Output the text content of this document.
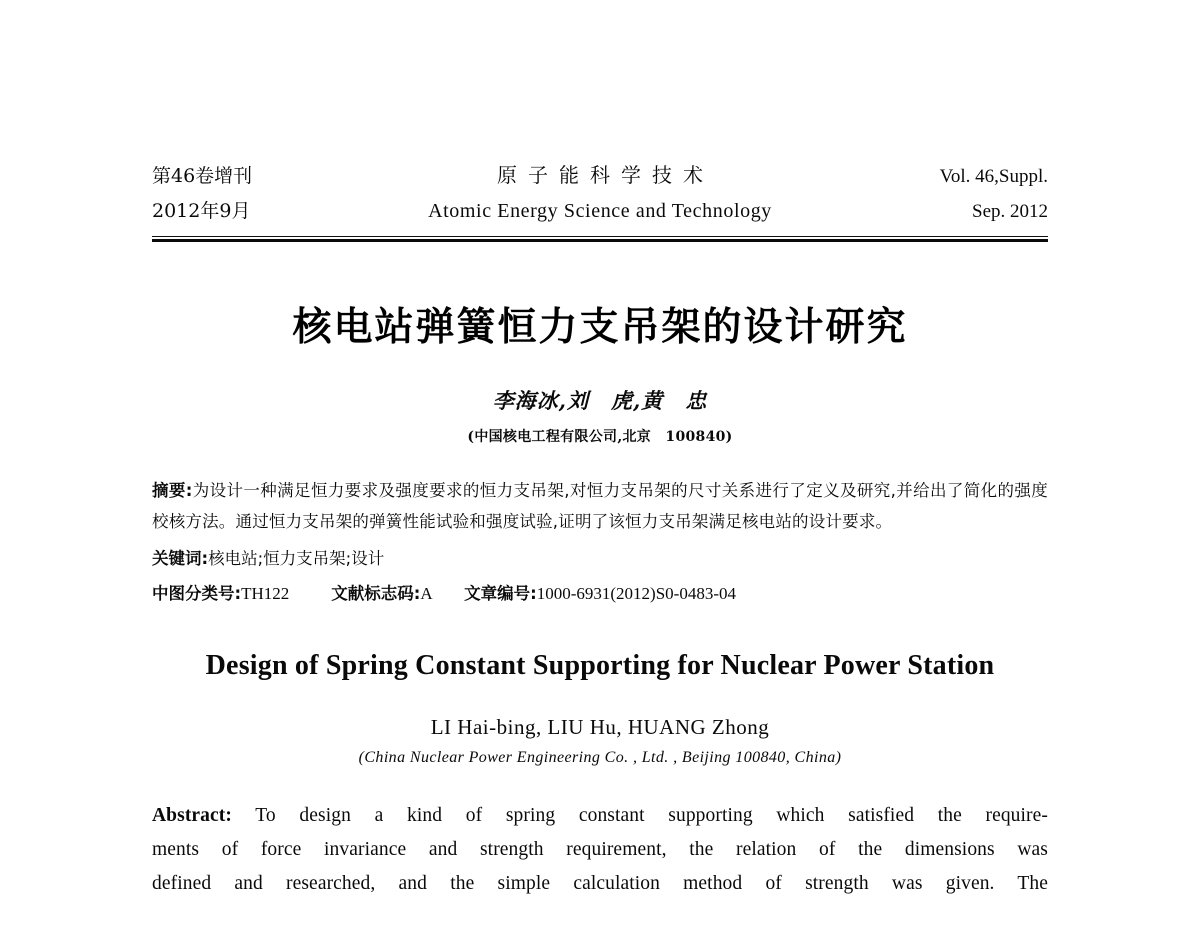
第46卷增刊	原子能科学技术	Vol. 46,Suppl.
2012年9月	Atomic Energy Science and Technology	Sep. 2012
核电站弹簧恒力支吊架的设计研究
李海冰,刘　虎,黄　忠
(中国核电工程有限公司,北京　100840)

摘要:为设计一种满足恒力要求及强度要求的恒力支吊架,对恒力支吊架的尺寸关系进行了定义及研究,并给出了简化的强度校核方法。通过恒力支吊架的弹簧性能试验和强度试验,证明了该恒力支吊架满足核电站的设计要求。

关键词:核电站;恒力支吊架;设计
中图分类号:TH122	文献标志码:A 文章编号:1000-6931(2012)S0-0483-04
Design of Spring Constant Supporting for Nuclear Power Station
LI Hai-bing, LIU Hu, HUANG Zhong
(China Nuclear Power Engineering Co. , Ltd. , Beijing 100840, China)
Abstract: To design a kind of spring constant supporting which satisfied the require-
ments of force invariance and strength requirement, the relation of the dimensions was
defined and researched, and the simple calculation method of strength was given. The
